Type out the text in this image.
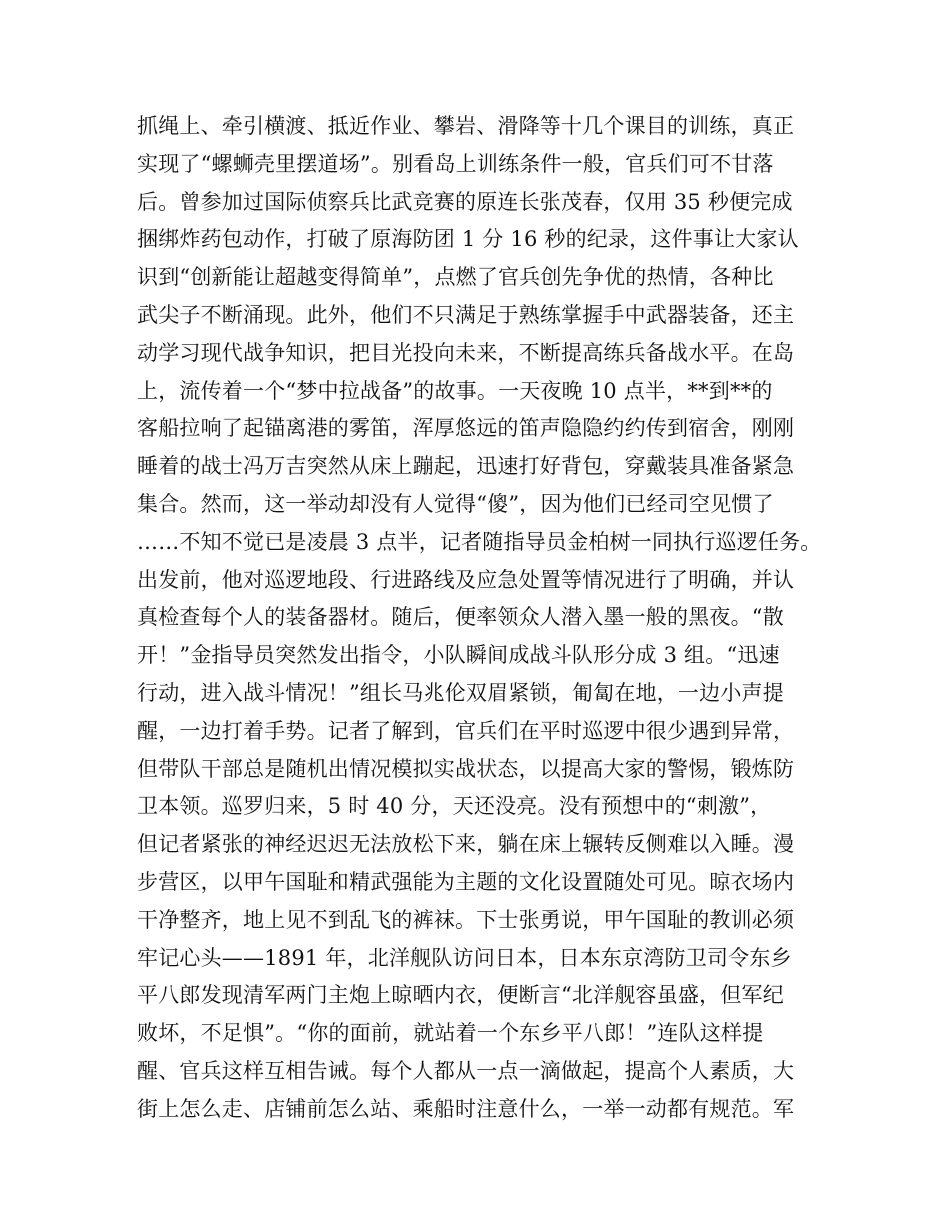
抓绳上、牵引横渡、抵近作业、攀岩、滑降等十几个课目的训练，真正
实现了“螺蛳壳里摆道场”。别看岛上训练条件一般，官兵们可不甘落
后。曾参加过国际侦察兵比武竞赛的原连长张茂春，仅用 35 秒便完成
捆绑炸药包动作，打破了原海防团 1 分 16 秒的纪录，这件事让大家认
识到“创新能让超越变得简单”，点燃了官兵创先争优的热情，各种比
武尖子不断涌现。此外，他们不只满足于熟练掌握手中武器装备，还主
动学习现代战争知识，把目光投向未来，不断提高练兵备战水平。在岛
上，流传着一个“梦中拉战备”的故事。一天夜晚 10 点半，**到**的
客船拉响了起锚离港的雾笛，浑厚悠远的笛声隐隐约约传到宿舍，刚刚
睡着的战士冯万吉突然从床上蹦起，迅速打好背包，穿戴装具准备紧急
集合。然而，这一举动却没有人觉得“傻”，因为他们已经司空见惯了
……不知不觉已是凌晨 3 点半，记者随指导员金柏树一同执行巡逻任务。
出发前，他对巡逻地段、行进路线及应急处置等情况进行了明确，并认
真检查每个人的装备器材。随后，便率领众人潜入墨一般的黑夜。“散
开！”金指导员突然发出指令，小队瞬间成战斗队形分成 3 组。“迅速
行动，进入战斗情况！”组长马兆伦双眉紧锁，匍匐在地，一边小声提
醒，一边打着手势。记者了解到，官兵们在平时巡逻中很少遇到异常，
但带队干部总是随机出情况模拟实战状态，以提高大家的警惕，锻炼防
卫本领。巡罗归来，5 时 40 分，天还没亮。没有预想中的“刺激”，
但记者紧张的神经迟迟无法放松下来，躺在床上辗转反侧难以入睡。漫
步营区，以甲午国耻和精武强能为主题的文化设置随处可见。晾衣场内
干净整齐，地上见不到乱飞的裤袜。下士张勇说，甲午国耻的教训必须
牢记心头——1891 年，北洋舰队访问日本，日本东京湾防卫司令东乡
平八郎发现清军两门主炮上晾晒内衣，便断言“北洋舰容虽盛，但军纪
败坏，不足惧”。“你的面前，就站着一个东乡平八郎！”连队这样提
醒、官兵这样互相告诫。每个人都从一点一滴做起，提高个人素质，大
街上怎么走、店铺前怎么站、乘船时注意什么，一举一动都有规范。军
